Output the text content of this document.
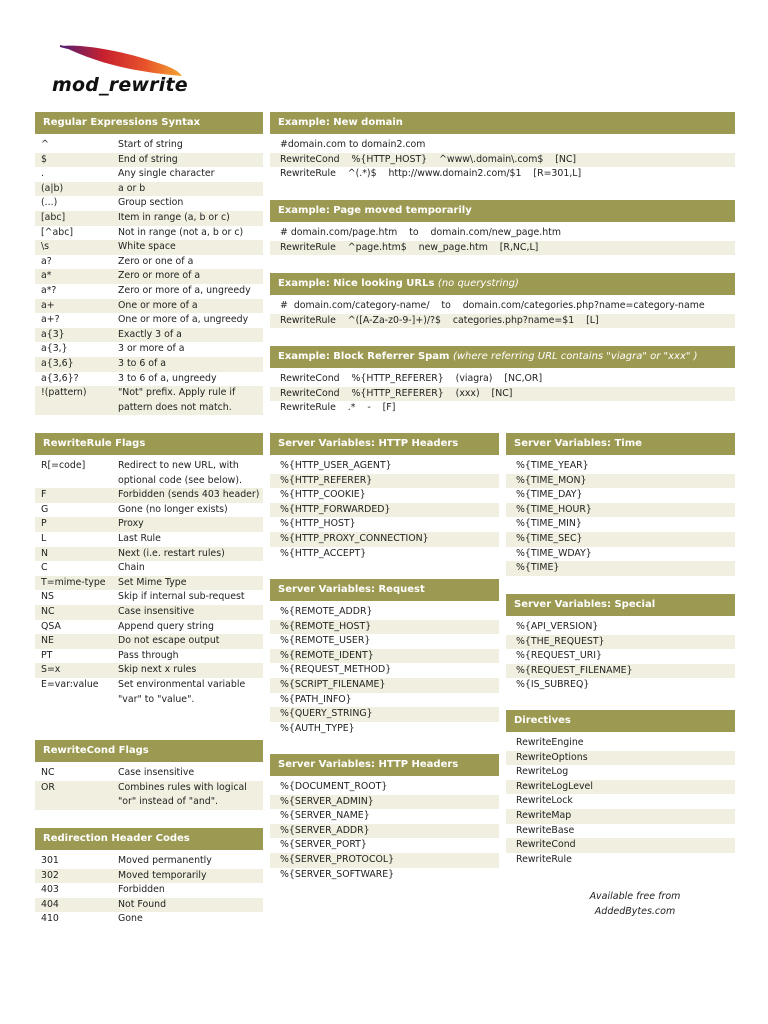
mod_rewrite
Regular Expressions Syntax
^	Start of string
$	End of string
.	Any single character
(a|b)	a or b
(...)	Group section
[abc]	Item in range (a, b or c)
[^abc]	Not in range (not a, b or c)
\s	White space
a?	Zero or one of a
a*	Zero or more of a
a*?	Zero or more of a, ungreedy
a+	One or more of a
a+?	One or more of a, ungreedy
a{3}	Exactly 3 of a
a{3,}	3 or more of a
a{3,6}	3 to 6 of a
a{3,6}?	3 to 6 of a, ungreedy
!(pattern)	"Not" prefix. Apply rule if pattern does not match.
RewriteRule Flags
R[=code]	Redirect to new URL, with optional code (see below).
F	Forbidden (sends 403 header)
G	Gone (no longer exists)
P	Proxy
L	Last Rule
N	Next (i.e. restart rules)
C	Chain
T=mime-type	Set Mime Type
NS	Skip if internal sub-request
NC	Case insensitive
QSA	Append query string
NE	Do not escape output
PT	Pass through
S=x	Skip next x rules
E=var:value	Set environmental variable "var" to "value".
RewriteCond Flags
NC	Case insensitive
OR	Combines rules with logical "or" instead of "and".
Redirection Header Codes
301	Moved permanently
302	Moved temporarily
403	Forbidden
404	Not Found
410	Gone
Example: New domain
#domain.com to domain2.com
RewriteCond    %{HTTP_HOST}    ^www\.domain\.com$    [NC]
RewriteRule    ^(.*)$    http://www.domain2.com/$1    [R=301,L]
Example: Page moved temporarily
# domain.com/page.htm    to    domain.com/new_page.htm
RewriteRule    ^page.htm$    new_page.htm    [R,NC,L]
Example: Nice looking URLs (no querystring)
#  domain.com/category-name/    to    domain.com/categories.php?name=category-name
RewriteRule    ^([A-Za-z0-9-]+)/?$    categories.php?name=$1    [L]
Example: Block Referrer Spam (where referring URL contains "viagra" or "xxx" )
RewriteCond    %{HTTP_REFERER}    (viagra)    [NC,OR]
RewriteCond    %{HTTP_REFERER}    (xxx)    [NC]
RewriteRule    .*    -    [F]
Server Variables: HTTP Headers
%{HTTP_USER_AGENT}
%{HTTP_REFERER}
%{HTTP_COOKIE}
%{HTTP_FORWARDED}
%{HTTP_HOST}
%{HTTP_PROXY_CONNECTION}
%{HTTP_ACCEPT}
Server Variables: Request
%{REMOTE_ADDR}
%{REMOTE_HOST}
%{REMOTE_USER}
%{REMOTE_IDENT}
%{REQUEST_METHOD}
%{SCRIPT_FILENAME}
%{PATH_INFO}
%{QUERY_STRING}
%{AUTH_TYPE}
Server Variables: HTTP Headers
%{DOCUMENT_ROOT}
%{SERVER_ADMIN}
%{SERVER_NAME}
%{SERVER_ADDR}
%{SERVER_PORT}
%{SERVER_PROTOCOL}
%{SERVER_SOFTWARE}
Server Variables: Time
%{TIME_YEAR}
%{TIME_MON}
%{TIME_DAY}
%{TIME_HOUR}
%{TIME_MIN}
%{TIME_SEC}
%{TIME_WDAY}
%{TIME}
Server Variables: Special
%{API_VERSION}
%{THE_REQUEST}
%{REQUEST_URI}
%{REQUEST_FILENAME}
%{IS_SUBREQ}
Directives
RewriteEngine
RewriteOptions
RewriteLog
RewriteLogLevel
RewriteLock
RewriteMap
RewriteBase
RewriteCond
RewriteRule
Available free from
AddedBytes.com
